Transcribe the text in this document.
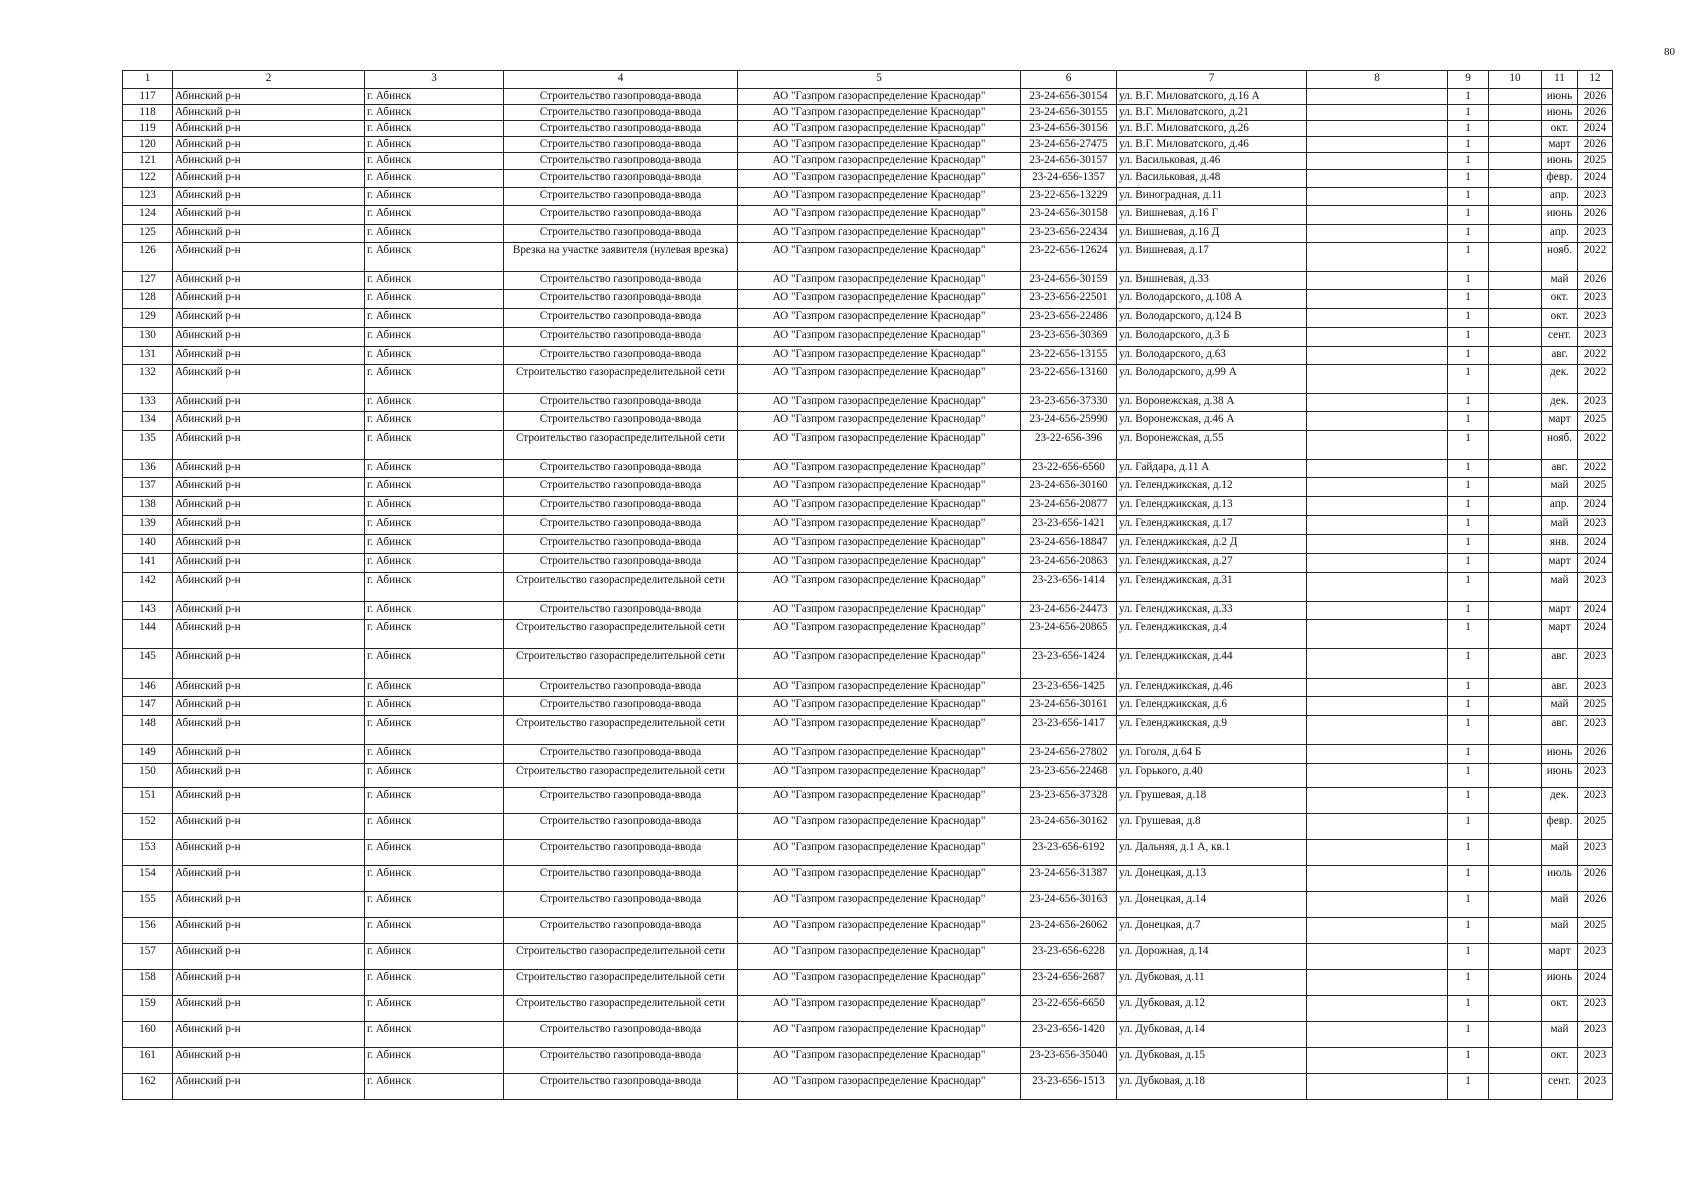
80
1	2	3	4	5	6	7	8	9	10	11	12
117	Абинский р-н	г. Абинск	Строительство газопровода-ввода	АО "Газпром газораспределение Краснодар"	23-24-656-30154	ул. В.Г. Миловатского, д.16 А		1		июнь	2026
118	Абинский р-н	г. Абинск	Строительство газопровода-ввода	АО "Газпром газораспределение Краснодар"	23-24-656-30155	ул. В.Г. Миловатского, д.21		1		июнь	2026
119	Абинский р-н	г. Абинск	Строительство газопровода-ввода	АО "Газпром газораспределение Краснодар"	23-24-656-30156	ул. В.Г. Миловатского, д.26		1		окт.	2024
120	Абинский р-н	г. Абинск	Строительство газопровода-ввода	АО "Газпром газораспределение Краснодар"	23-24-656-27475	ул. В.Г. Миловатского, д.46		1		март	2026
121	Абинский р-н	г. Абинск	Строительство газопровода-ввода	АО "Газпром газораспределение Краснодар"	23-24-656-30157	ул. Васильковая, д.46		1		июнь	2025
122	Абинский р-н	г. Абинск	Строительство газопровода-ввода	АО "Газпром газораспределение Краснодар"	23-24-656-1357	ул. Васильковая, д.48		1		февр.	2024
123	Абинский р-н	г. Абинск	Строительство газопровода-ввода	АО "Газпром газораспределение Краснодар"	23-22-656-13229	ул. Виноградная, д.11		1		апр.	2023
124	Абинский р-н	г. Абинск	Строительство газопровода-ввода	АО "Газпром газораспределение Краснодар"	23-24-656-30158	ул. Вишневая, д.16 Г		1		июнь	2026
125	Абинский р-н	г. Абинск	Строительство газопровода-ввода	АО "Газпром газораспределение Краснодар"	23-23-656-22434	ул. Вишневая, д.16 Д		1		апр.	2023
126	Абинский р-н	г. Абинск	Врезка на участке заявителя (нулевая врезка)	АО "Газпром газораспределение Краснодар"	23-22-656-12624	ул. Вишневая, д.17		1		нояб.	2022
127	Абинский р-н	г. Абинск	Строительство газопровода-ввода	АО "Газпром газораспределение Краснодар"	23-24-656-30159	ул. Вишневая, д.33		1		май	2026
128	Абинский р-н	г. Абинск	Строительство газопровода-ввода	АО "Газпром газораспределение Краснодар"	23-23-656-22501	ул. Володарского, д.108 А		1		окт.	2023
129	Абинский р-н	г. Абинск	Строительство газопровода-ввода	АО "Газпром газораспределение Краснодар"	23-23-656-22486	ул. Володарского, д.124 В		1		окт.	2023
130	Абинский р-н	г. Абинск	Строительство газопровода-ввода	АО "Газпром газораспределение Краснодар"	23-23-656-30369	ул. Володарского, д.3 Б		1		сент.	2023
131	Абинский р-н	г. Абинск	Строительство газопровода-ввода	АО "Газпром газораспределение Краснодар"	23-22-656-13155	ул. Володарского, д.63		1		авг.	2022
132	Абинский р-н	г. Абинск	Строительство газораспределительной сети	АО "Газпром газораспределение Краснодар"	23-22-656-13160	ул. Володарского, д.99 А		1		дек.	2022
133	Абинский р-н	г. Абинск	Строительство газопровода-ввода	АО "Газпром газораспределение Краснодар"	23-23-656-37330	ул. Воронежская, д.38 А		1		дек.	2023
134	Абинский р-н	г. Абинск	Строительство газопровода-ввода	АО "Газпром газораспределение Краснодар"	23-24-656-25990	ул. Воронежская, д.46 А		1		март	2025
135	Абинский р-н	г. Абинск	Строительство газораспределительной сети	АО "Газпром газораспределение Краснодар"	23-22-656-396	ул. Воронежская, д.55		1		нояб.	2022
136	Абинский р-н	г. Абинск	Строительство газопровода-ввода	АО "Газпром газораспределение Краснодар"	23-22-656-6560	ул. Гайдара, д.11 А		1		авг.	2022
137	Абинский р-н	г. Абинск	Строительство газопровода-ввода	АО "Газпром газораспределение Краснодар"	23-24-656-30160	ул. Геленджикская, д.12		1		май	2025
138	Абинский р-н	г. Абинск	Строительство газопровода-ввода	АО "Газпром газораспределение Краснодар"	23-24-656-20877	ул. Геленджикская, д.13		1		апр.	2024
139	Абинский р-н	г. Абинск	Строительство газопровода-ввода	АО "Газпром газораспределение Краснодар"	23-23-656-1421	ул. Геленджикская, д.17		1		май	2023
140	Абинский р-н	г. Абинск	Строительство газопровода-ввода	АО "Газпром газораспределение Краснодар"	23-24-656-18847	ул. Геленджикская, д.2 Д		1		янв.	2024
141	Абинский р-н	г. Абинск	Строительство газопровода-ввода	АО "Газпром газораспределение Краснодар"	23-24-656-20863	ул. Геленджикская, д.27		1		март	2024
142	Абинский р-н	г. Абинск	Строительство газораспределительной сети	АО "Газпром газораспределение Краснодар"	23-23-656-1414	ул. Геленджикская, д.31		1		май	2023
143	Абинский р-н	г. Абинск	Строительство газопровода-ввода	АО "Газпром газораспределение Краснодар"	23-24-656-24473	ул. Геленджикская, д.33		1		март	2024
144	Абинский р-н	г. Абинск	Строительство газораспределительной сети	АО "Газпром газораспределение Краснодар"	23-24-656-20865	ул. Геленджикская, д.4		1		март	2024
145	Абинский р-н	г. Абинск	Строительство газораспределительной сети	АО "Газпром газораспределение Краснодар"	23-23-656-1424	ул. Геленджикская, д.44		1		авг.	2023
146	Абинский р-н	г. Абинск	Строительство газопровода-ввода	АО "Газпром газораспределение Краснодар"	23-23-656-1425	ул. Геленджикская, д.46		1		авг.	2023
147	Абинский р-н	г. Абинск	Строительство газопровода-ввода	АО "Газпром газораспределение Краснодар"	23-24-656-30161	ул. Геленджикская, д.6		1		май	2025
148	Абинский р-н	г. Абинск	Строительство газораспределительной сети	АО "Газпром газораспределение Краснодар"	23-23-656-1417	ул. Геленджикская, д.9		1		авг.	2023
149	Абинский р-н	г. Абинск	Строительство газопровода-ввода	АО "Газпром газораспределение Краснодар"	23-24-656-27802	ул. Гоголя, д.64 Б		1		июнь	2026
150	Абинский р-н	г. Абинск	Строительство газораспределительной сети	АО "Газпром газораспределение Краснодар"	23-23-656-22468	ул. Горького, д.40		1		июнь	2023
151	Абинский р-н	г. Абинск	Строительство газопровода-ввода	АО "Газпром газораспределение Краснодар"	23-23-656-37328	ул. Грушевая, д.18		1		дек.	2023
152	Абинский р-н	г. Абинск	Строительство газопровода-ввода	АО "Газпром газораспределение Краснодар"	23-24-656-30162	ул. Грушевая, д.8		1		февр.	2025
153	Абинский р-н	г. Абинск	Строительство газопровода-ввода	АО "Газпром газораспределение Краснодар"	23-23-656-6192	ул. Дальняя, д.1 А, кв.1		1		май	2023
154	Абинский р-н	г. Абинск	Строительство газопровода-ввода	АО "Газпром газораспределение Краснодар"	23-24-656-31387	ул. Донецкая, д.13		1		июль	2026
155	Абинский р-н	г. Абинск	Строительство газопровода-ввода	АО "Газпром газораспределение Краснодар"	23-24-656-30163	ул. Донецкая, д.14		1		май	2026
156	Абинский р-н	г. Абинск	Строительство газопровода-ввода	АО "Газпром газораспределение Краснодар"	23-24-656-26062	ул. Донецкая, д.7		1		май	2025
157	Абинский р-н	г. Абинск	Строительство газораспределительной сети	АО "Газпром газораспределение Краснодар"	23-23-656-6228	ул. Дорожная, д.14		1		март	2023
158	Абинский р-н	г. Абинск	Строительство газораспределительной сети	АО "Газпром газораспределение Краснодар"	23-24-656-2687	ул. Дубковая, д.11		1		июнь	2024
159	Абинский р-н	г. Абинск	Строительство газораспределительной сети	АО "Газпром газораспределение Краснодар"	23-22-656-6650	ул. Дубковая, д.12		1		окт.	2023
160	Абинский р-н	г. Абинск	Строительство газопровода-ввода	АО "Газпром газораспределение Краснодар"	23-23-656-1420	ул. Дубковая, д.14		1		май	2023
161	Абинский р-н	г. Абинск	Строительство газопровода-ввода	АО "Газпром газораспределение Краснодар"	23-23-656-35040	ул. Дубковая, д.15		1		окт.	2023
162	Абинский р-н	г. Абинск	Строительство газопровода-ввода	АО "Газпром газораспределение Краснодар"	23-23-656-1513	ул. Дубковая, д.18		1		сент.	2023
